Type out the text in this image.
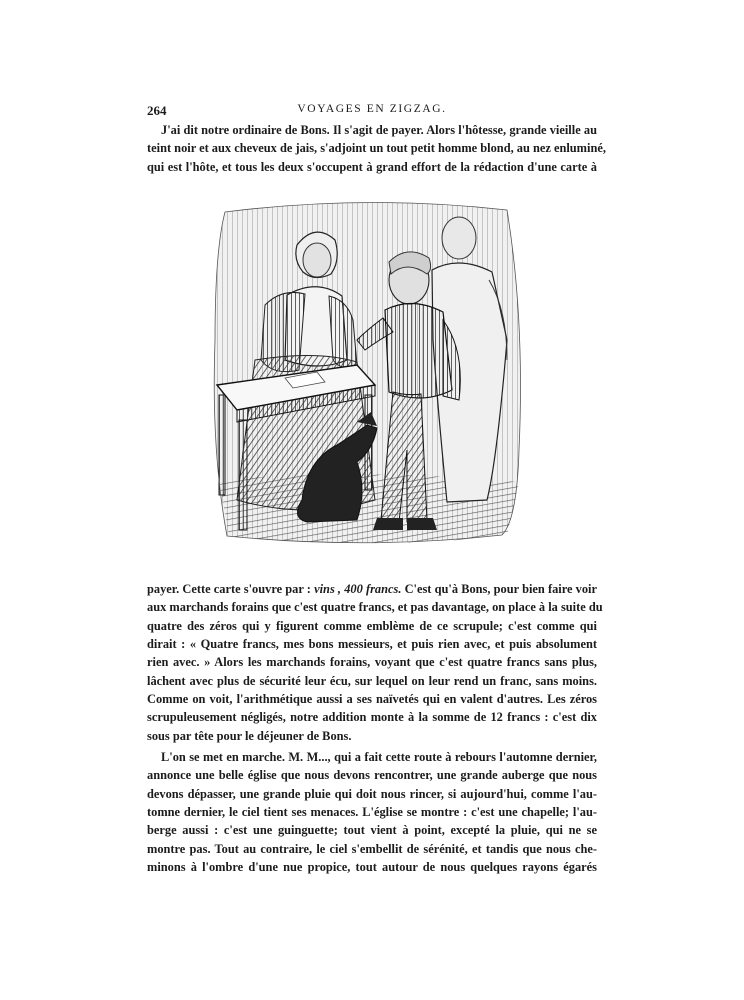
264	VOYAGES EN ZIGZAG.

J'ai dit notre ordinaire de Bons. Il s'agit de payer. Alors l'hôtesse, grande vieille au
teint noir et aux cheveux de jais, s'adjoint un tout petit homme blond, au nez enluminé,
qui est l'hôte, et tous les deux s'occupent à grand effort de la rédaction d'une carte à

payer. Cette carte s'ouvre par : vins , 400 francs. C'est qu'à Bons, pour bien faire voir
aux marchands forains que c'est quatre francs, et pas davantage, on place à la suite du
quatre des zéros qui y figurent comme emblème de ce scrupule; c'est comme qui
dirait : « Quatre francs, mes bons messieurs, et puis rien avec, et puis absolument
rien avec. » Alors les marchands forains, voyant que c'est quatre francs sans plus,
lâchent avec plus de sécurité leur écu, sur lequel on leur rend un franc, sans moins.
Comme on voit, l'arithmétique aussi a ses naïvetés qui en valent d'autres. Les zéros
scrupuleusement négligés, notre addition monte à la somme de 12 francs : c'est dix
sous par tête pour le déjeuner de Bons.

L'on se met en marche. M. M..., qui a fait cette route à rebours l'automne dernier,
annonce une belle église que nous devons rencontrer, une grande auberge que nous
devons dépasser, une grande pluie qui doit nous rincer, si aujourd'hui, comme l'au-
tomne dernier, le ciel tient ses menaces. L'église se montre : c'est une chapelle; l'au-
berge aussi : c'est une guinguette; tout vient à point, excepté la pluie, qui ne se
montre pas. Tout au contraire, le ciel s'embellit de sérénité, et tandis que nous che-
minons à l'ombre d'une nue propice, tout autour de nous quelques rayons égarés
